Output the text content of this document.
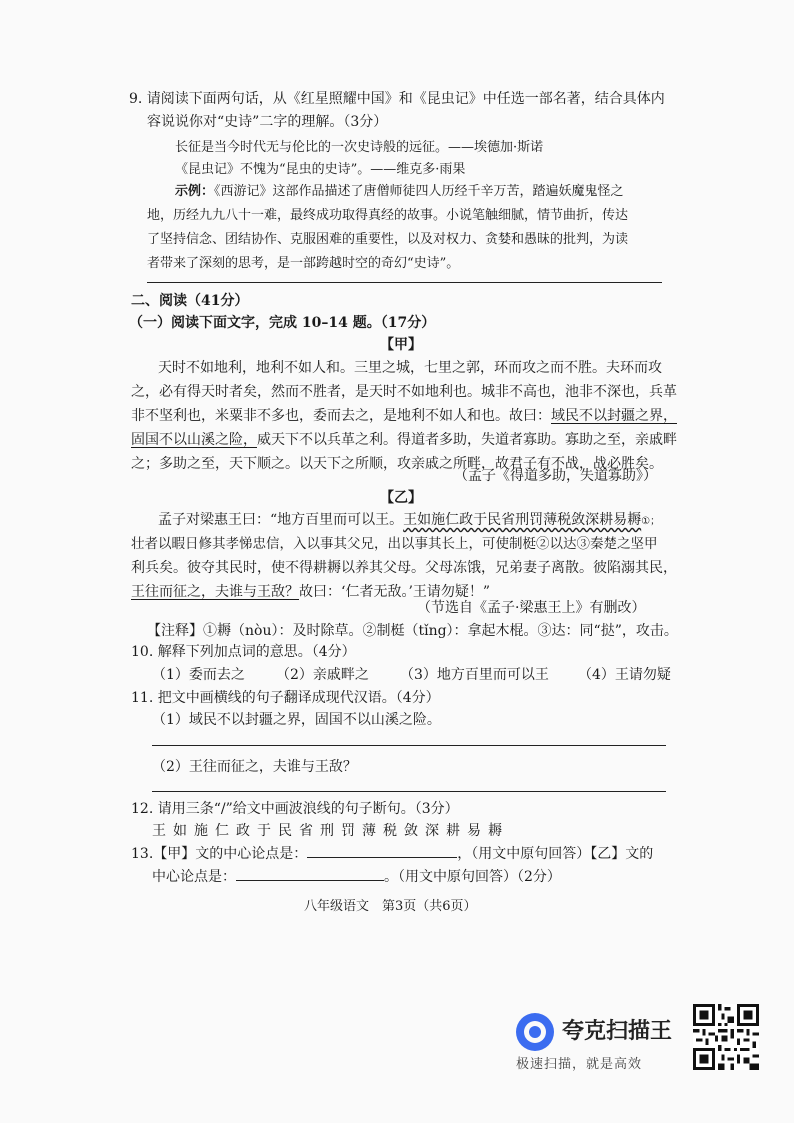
9. 请阅读下面两句话，从《红星照耀中国》和《昆虫记》中任选一部名著，结合具体内
容说说你对“史诗”二字的理解。（3分）
长征是当今时代无与伦比的一次史诗般的远征。——埃德加·斯诺
《昆虫记》不愧为“昆虫的史诗”。——维克多·雨果
示例：《西游记》这部作品描述了唐僧师徒四人历经千辛万苦，踏遍妖魔鬼怪之
地，历经九九八十一难，最终成功取得真经的故事。小说笔触细腻，情节曲折，传达
了坚持信念、团结协作、克服困难的重要性，以及对权力、贪婪和愚昧的批判，为读
者带来了深刻的思考，是一部跨越时空的奇幻“史诗”。
二、阅读（41分）
（一）阅读下面文字，完成 10–14 题。（17分）
【甲】
天时不如地利，地利不如人和。三里之城，七里之郭，环而攻之而不胜。夫环而攻
之，必有得天时者矣，然而不胜者，是天时不如地利也。城非不高也，池非不深也，兵革
非不坚利也，米粟非不多也，委而去之，是地利不如人和也。故曰：域民不以封疆之界，
固国不以山溪之险，威天下不以兵革之利。得道者多助，失道者寡助。寡助之至，亲戚畔
之；多助之至，天下顺之。以天下之所顺，攻亲戚之所畔，故君子有不战，战必胜矣。
（孟子《得道多助，失道寡助》）
【乙】
孟子对梁惠王曰：“地方百里而可以王。王如施仁政于民省刑罚薄税敛深耕易耨①；
壮者以暇日修其孝悌忠信，入以事其父兄，出以事其长上，可使制梃②以达③秦楚之坚甲
利兵矣。彼夺其民时，使不得耕耨以养其父母。父母冻饿，兄弟妻子离散。彼陷溺其民，
王往而征之，夫谁与王敌？故曰：‘仁者无敌。’王请勿疑！”
（节选自《孟子·梁惠王上》有删改）
【注释】①耨（nòu）：及时除草。②制梃（tǐng）：拿起木棍。③达：同“挞”，攻击。
10. 解释下列加点词的意思。（4分）
（1）委而去之 （2）亲戚畔之 （3）地方百里而可以王 （4）王请勿疑
11. 把文中画横线的句子翻译成现代汉语。（4分）
（1）域民不以封疆之界，固国不以山溪之险。
（2）王往而征之，夫谁与王敌？
12. 请用三条“/”给文中画波浪线的句子断句。（3分）
王如施仁政于民省刑罚薄税敛深耕易耨
13.【甲】文的中心论点是：	，（用文中原句回答）【乙】文的
中心论点是：	。（用文中原句回答）（2分）
八年级语文　第3页（共6页）
夸克扫描王
极速扫描，就是高效
